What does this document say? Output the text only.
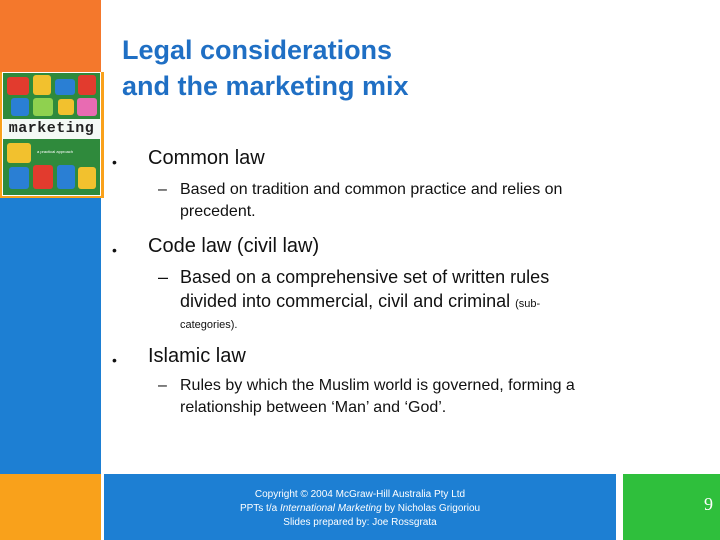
marketing
a practical approach
Legal considerations
and the marketing mix
•	Common law
– Based on tradition and common practice and relies on
precedent.
•	Code law (civil law)
– Based on a comprehensive set of written rules
divided into commercial, civil and criminal (sub-
categories).
•	Islamic law
– Rules by which the Muslim world is governed, forming a
relationship between ‘Man’ and ‘God’.
Copyright © 2004 McGraw-Hill Australia Pty Ltd
PPTs t/a International Marketing by Nicholas Grigoriou
Slides prepared by: Joe Rossgrata
9
